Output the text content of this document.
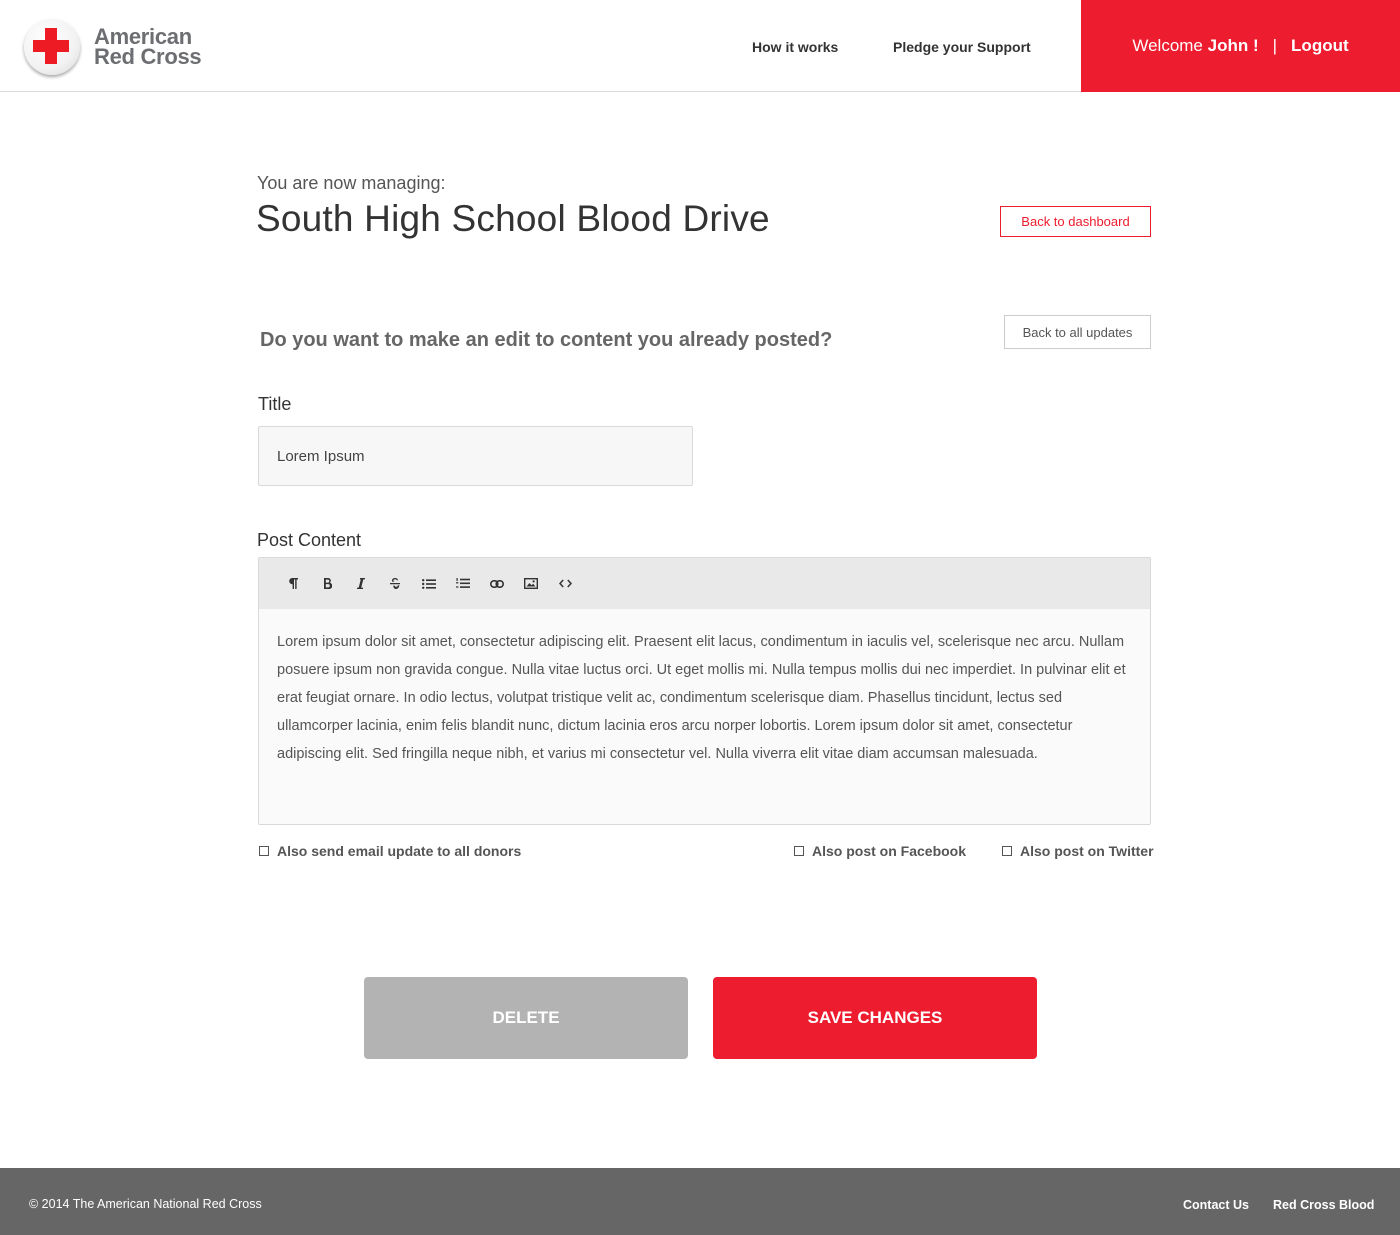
American
Red Cross	How it works	Pledge your Support	Welcome John ! | Logout
You are now managing:
South High School Blood Drive	Back to dashboard
Do you want to make an edit to content you already posted?	Back to all updates
Title
Lorem Ipsum
Post Content
Lorem ipsum dolor sit amet, consectetur adipiscing elit. Praesent elit lacus, condimentum in iaculis vel, scelerisque nec arcu. Nullam posuere ipsum non gravida congue. Nulla vitae luctus orci. Ut eget mollis mi. Nulla tempus mollis dui nec imperdiet. In pulvinar elit et erat feugiat ornare. In odio lectus, volutpat tristique velit ac, condimentum scelerisque diam. Phasellus tincidunt, lectus sed ullamcorper lacinia, enim felis blandit nunc, dictum lacinia eros arcu norper lobortis. Lorem ipsum dolor sit amet, consectetur adipiscing elit. Sed fringilla neque nibh, et varius mi consectetur vel. Nulla viverra elit vitae diam accumsan malesuada.
Also send email update to all donors	Also post on Facebook	Also post on Twitter
DELETE	SAVE CHANGES
© 2014 The American National Red Cross	Contact Us Red Cross Blood
